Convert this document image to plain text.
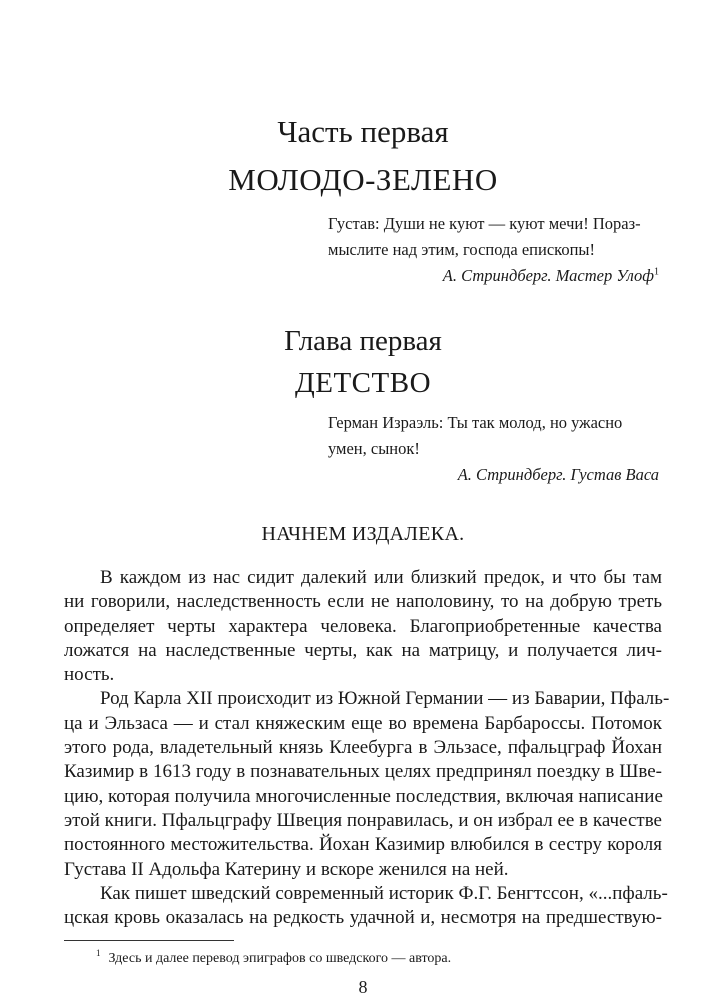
Часть первая
МОЛОДО-ЗЕЛЕНО
Густав: Души не куют — куют мечи! Пораз-
мыслите над этим, господа епископы!
А. Стриндберг. Мастер Улоф$^1$
Глава первая
ДЕТСТВО
Герман Израэль: Ты так молод, но ужасно
умен, сынок!
А. Стриндберг. Густав Васа
НАЧНЕМ ИЗДАЛЕКА.
В каждом из нас сидит далекий или близкий предок, и что бы там
ни говорили, наследственность если не наполовину, то на добрую треть
определяет черты характера человека. Благоприобретенные качества
ложатся на наследственные черты, как на матрицу, и получается лич-
ность.
Род Карла XII происходит из Южной Германии — из Баварии, Пфаль-
ца и Эльзаса — и стал княжеским еще во времена Барбароссы. Потомок
этого рода, владетельный князь Клеебурга в Эльзасе, пфальцграф Йохан
Казимир в 1613 году в познавательных целях предпринял поездку в Шве-
цию, которая получила многочисленные последствия, включая написание
этой книги. Пфальцграфу Швеция понравилась, и он избрал ее в качестве
постоянного местожительства. Йохан Казимир влюбился в сестру короля
Густава II Адольфа Катерину и вскоре женился на ней.
Как пишет шведский современный историк Ф.Г. Бенгтссон, «...пфаль-
цская кровь оказалась на редкость удачной и, несмотря на предшествую-
$^1$ Здесь и далее перевод эпиграфов со шведского — автора.
8
